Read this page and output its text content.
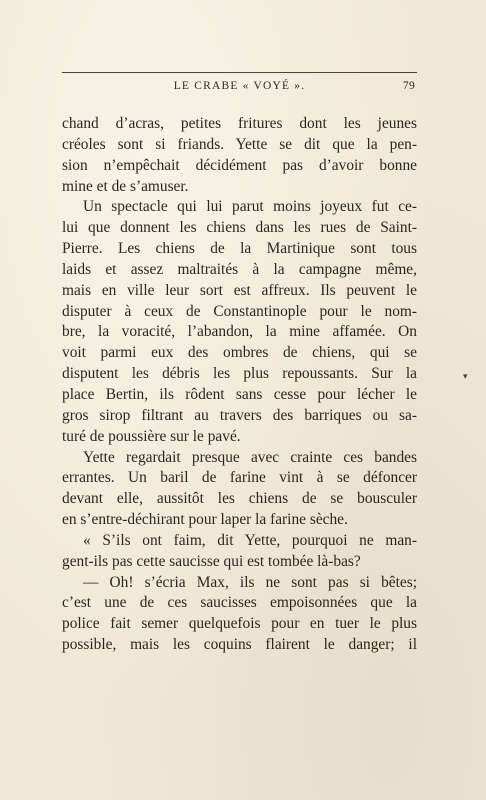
LE CRABE « VOYÉ ».	79
chand d’acras, petites fritures dont les jeunes
créoles sont si friands. Yette se dit que la pen-
sion n’empêchait décidément pas d’avoir bonne
mine et de s’amuser.
Un spectacle qui lui parut moins joyeux fut ce-
lui que donnent les chiens dans les rues de Saint-
Pierre. Les chiens de la Martinique sont tous
laids et assez maltraités à la campagne même,
mais en ville leur sort est affreux. Ils peuvent le
disputer à ceux de Constantinople pour le nom-
bre, la voracité, l’abandon, la mine affamée. On
voit parmi eux des ombres de chiens, qui se
disputent les débris les plus repoussants. Sur la
place Bertin, ils rôdent sans cesse pour lécher le
gros sirop filtrant au travers des barriques ou sa-
turé de poussière sur le pavé.
Yette regardait presque avec crainte ces bandes
errantes. Un baril de farine vint à se défoncer
devant elle, aussitôt les chiens de se bousculer
en s’entre-déchirant pour laper la farine sèche.
« S’ils ont faim, dit Yette, pourquoi ne man-
gent-ils pas cette saucisse qui est tombée là-bas?
— Oh! s’écria Max, ils ne sont pas si bêtes;
c’est une de ces saucisses empoisonnées que la
police fait semer quelquefois pour en tuer le plus
possible, mais les coquins flairent le danger; il
▾
